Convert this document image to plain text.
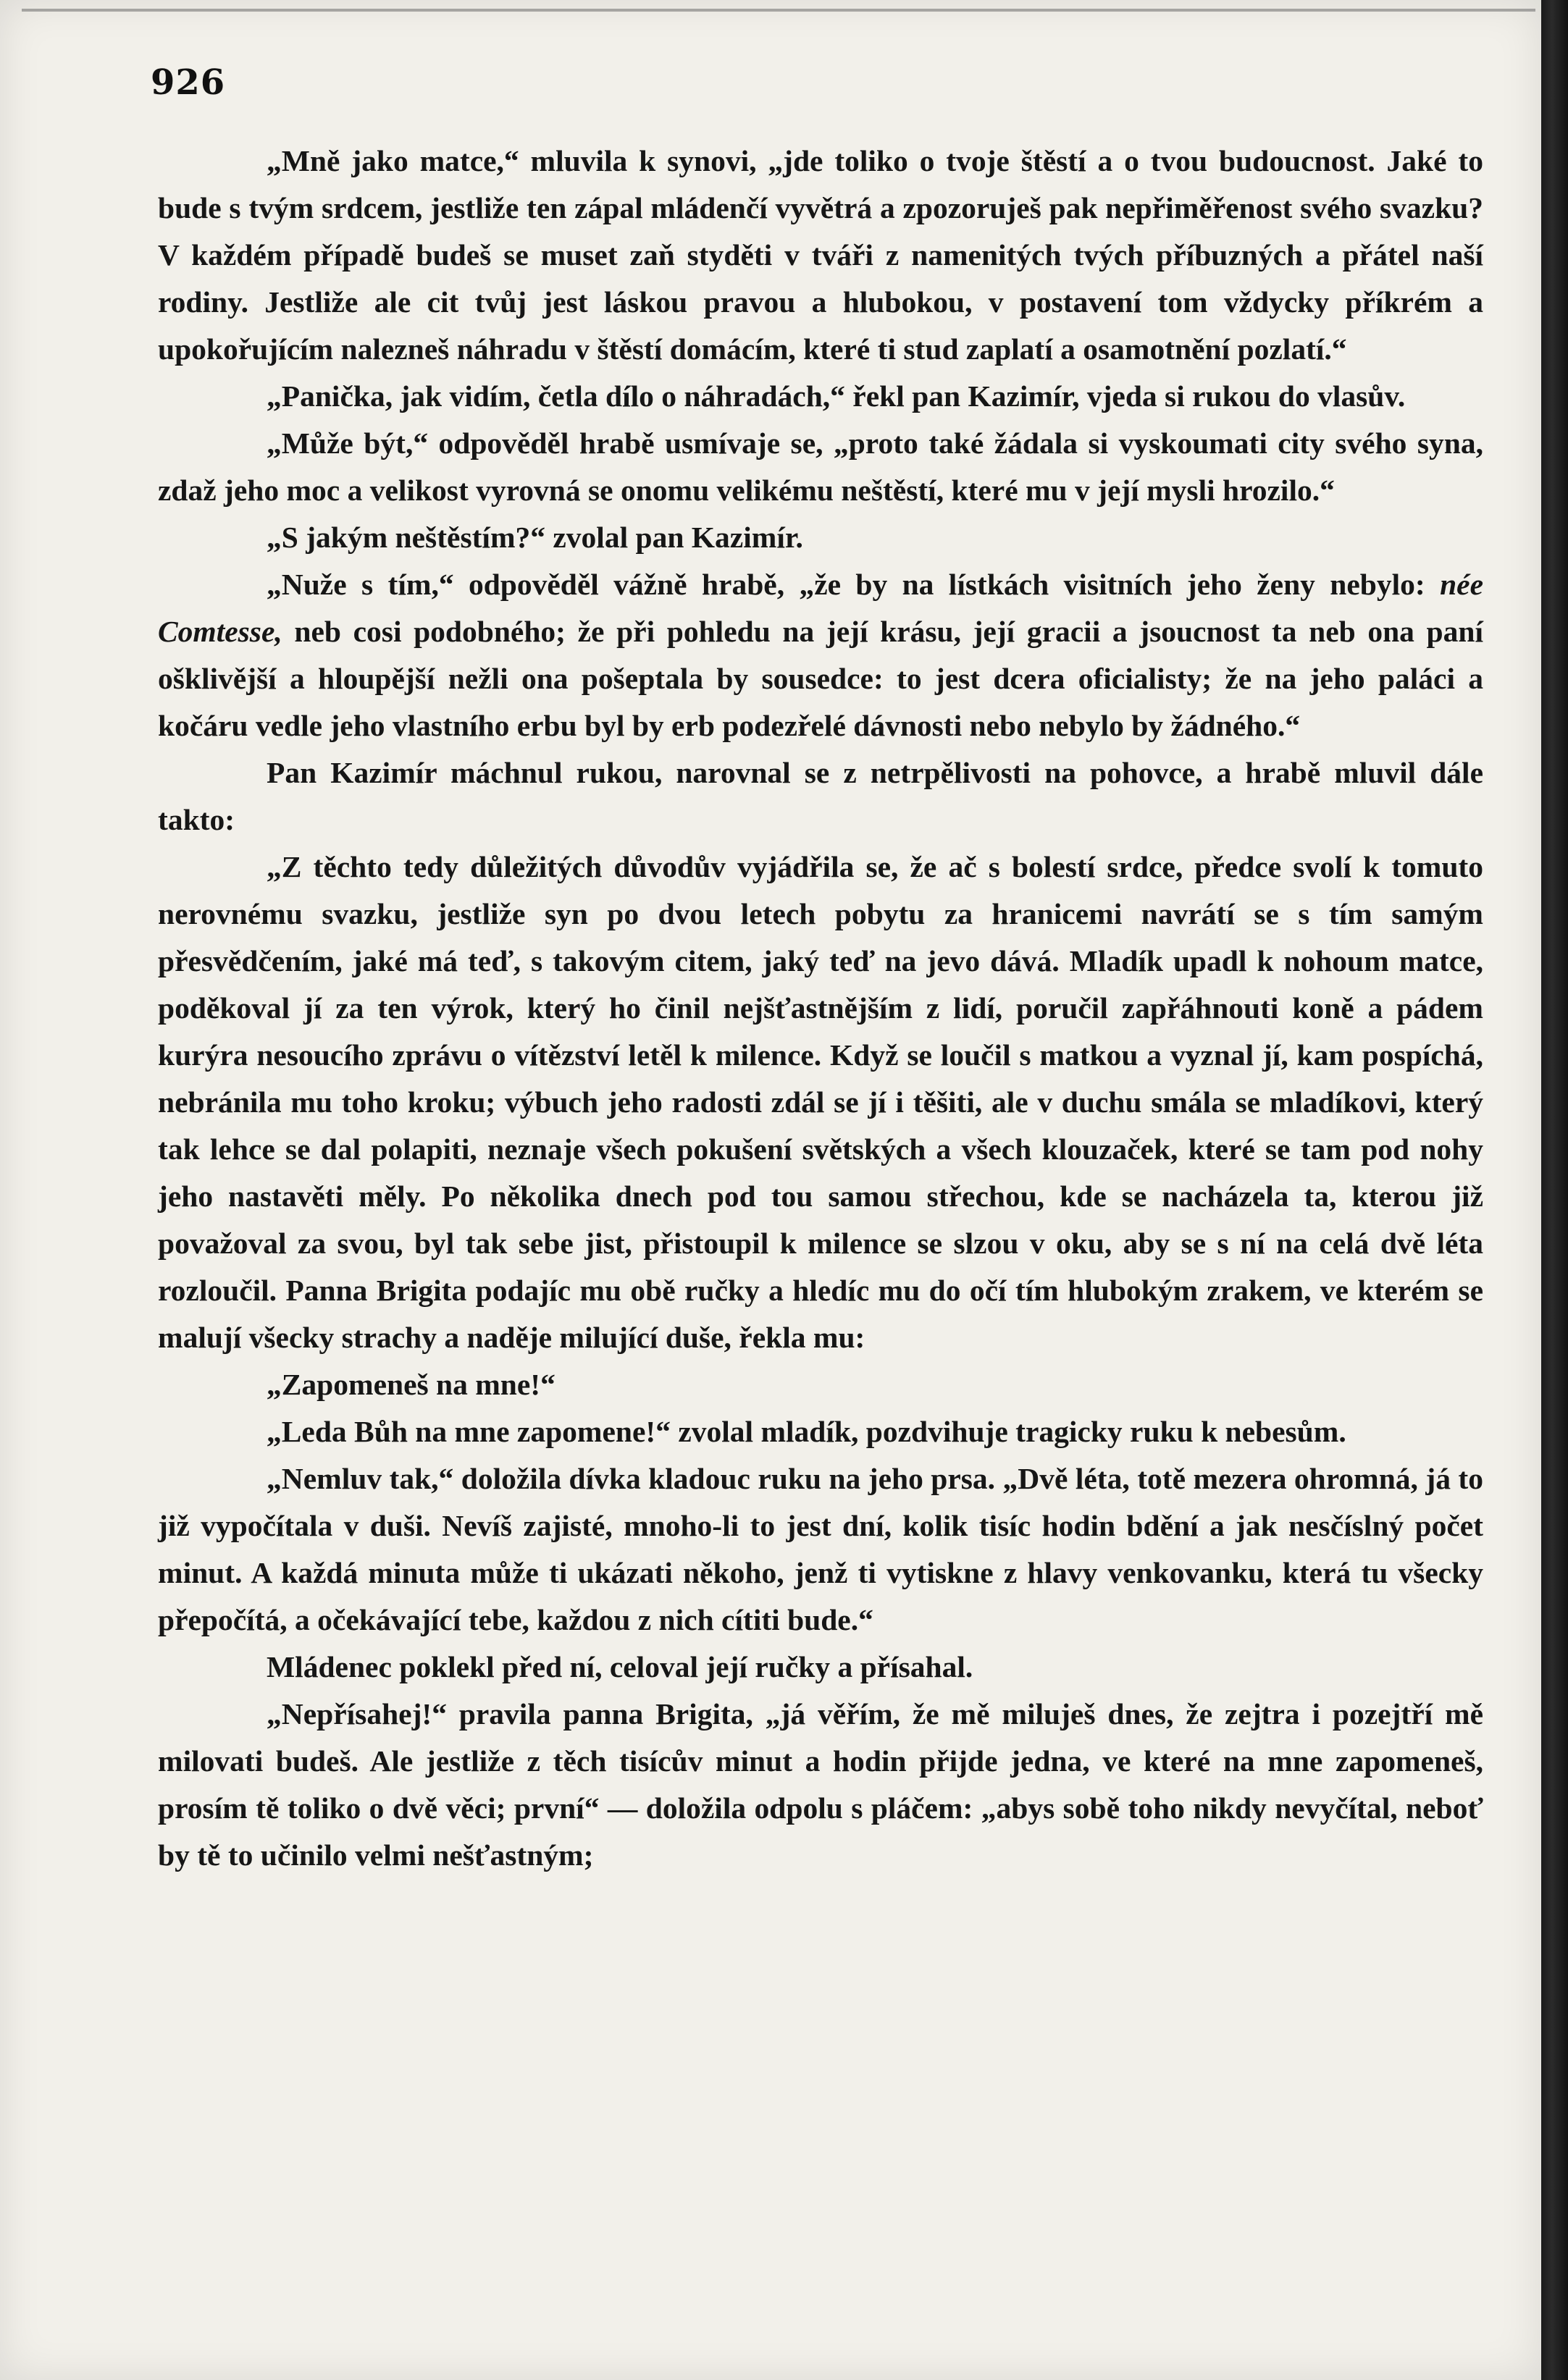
926

„Mně jako matce,“ mluvila k synovi, „jde toliko o tvoje štěstí a o tvou budoucnost. Jaké to bude s tvým srdcem, jestliže ten zápal mládenčí vyvětrá a zpozoruješ pak nepřiměřenost svého svazku? V každém případě budeš se muset zaň styděti v tváři z namenitých tvých příbuzných a přátel naší rodiny. Jestliže ale cit tvůj jest láskou pravou a hlubokou, v postavení tom vždycky příkrém a upokořujícím nalezneš náhradu v štěstí domácím, které ti stud zaplatí a osamotnění pozlatí.“

„Panička, jak vidím, četla dílo o náhradách,“ řekl pan Kazimír, vjeda si rukou do vlasův.

„Může být,“ odpověděl hrabě usmívaje se, „proto také žádala si vyskoumati city svého syna, zdaž jeho moc a velikost vyrovná se onomu velikému neštěstí, které mu v její mysli hrozilo.“

„S jakým neštěstím?“ zvolal pan Kazimír.

„Nuže s tím,“ odpověděl vážně hrabě, „že by na lístkách visitních jeho ženy nebylo: née Comtesse, neb cosi podobného; že při pohledu na její krásu, její gracii a jsoucnost ta neb ona paní ošklivější a hloupější nežli ona pošeptala by sousedce: to jest dcera oficialisty; že na jeho paláci a kočáru vedle jeho vlastního erbu byl by erb podezřelé dávnosti nebo nebylo by žádného.“

Pan Kazimír máchnul rukou, narovnal se z netrpělivosti na pohovce, a hrabě mluvil dále takto:

„Z těchto tedy důležitých důvodův vyjádřila se, že ač s bolestí srdce, předce svolí k tomuto nerovnému svazku, jestliže syn po dvou letech pobytu za hranicemi navrátí se s tím samým přesvědčením, jaké má teď, s takovým citem, jaký teď na jevo dává. Mladík upadl k nohoum matce, poděkoval jí za ten výrok, který ho činil nejšťastnějším z lidí, poručil zapřáhnouti koně a pádem kurýra nesoucího zprávu o vítězství letěl k milence. Když se loučil s matkou a vyznal jí, kam pospíchá, nebránila mu toho kroku; výbuch jeho radosti zdál se jí i těšiti, ale v duchu smála se mladíkovi, který tak lehce se dal polapiti, neznaje všech pokušení světských a všech klouzaček, které se tam pod nohy jeho nastavěti měly. Po několika dnech pod tou samou střechou, kde se nacházela ta, kterou již považoval za svou, byl tak sebe jist, přistoupil k milence se slzou v oku, aby se s ní na celá dvě léta rozloučil. Panna Brigita podajíc mu obě ručky a hledíc mu do očí tím hlubokým zrakem, ve kterém se malují všecky strachy a naděje milující duše, řekla mu:

„Zapomeneš na mne!“

„Leda Bůh na mne zapomene!“ zvolal mladík, pozdvihuje tragicky ruku k nebesům.

„Nemluv tak,“ doložila dívka kladouc ruku na jeho prsa. „Dvě léta, totě mezera ohromná, já to již vypočítala v duši. Nevíš zajisté, mnoho-li to jest dní, kolik tisíc hodin bdění a jak nesčíslný počet minut. A každá minuta může ti ukázati někoho, jenž ti vytiskne z hlavy venkovanku, která tu všecky přepočítá, a očekávající tebe, každou z nich cítiti bude.“

Mládenec poklekl před ní, celoval její ručky a přísahal.

„Nepřísahej!“ pravila panna Brigita, „já věřím, že mě miluješ dnes, že zejtra i pozejtří mě milovati budeš. Ale jestliže z těch tisícův minut a hodin přijde jedna, ve které na mne zapomeneš, prosím tě toliko o dvě věci; první“ — doložila odpolu s pláčem: „abys sobě toho nikdy nevyčítal, neboť by tě to učinilo velmi nešťastným;
